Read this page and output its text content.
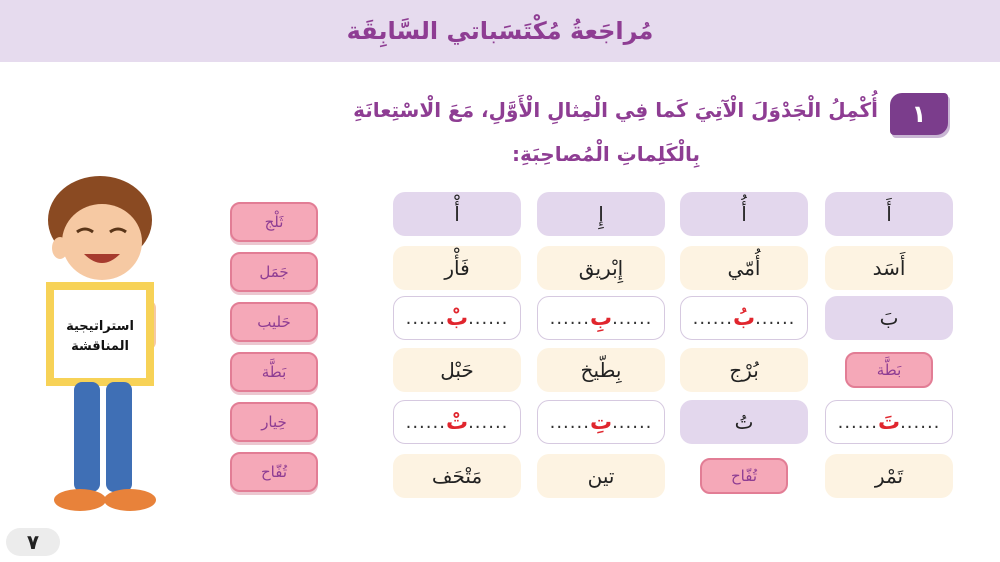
مُراجَعةُ مُكْتَسَباتي السَّابِقَة
١
أُكْمِلُ الْجَدْوَلَ الْآتِيَ كَما فِي الْمِثالِ الْأَوَّلِ، مَعَ الْاسْتِعانَةِ
بِالْكَلِماتِ الْمُصاحِبَةِ:
أَ
أُ
إِ
أْ
أَسَد
أُمّي
إِبْريق
فَأْر
بَ
......
بُ
......
......
بِ
......
......
بْ
......
بَطَّة
بُرْج
بِطّيخ
حَبْل
......
تَ
......
تُ
......
تِ
......
......
تْ
......
تَمْر
تُفّاح
تين
مَتْحَف
ثَلْج
جَمَل
حَليب
بَطَّة
خِيار
تُفّاح
استراتيجية
المناقشة
٧
